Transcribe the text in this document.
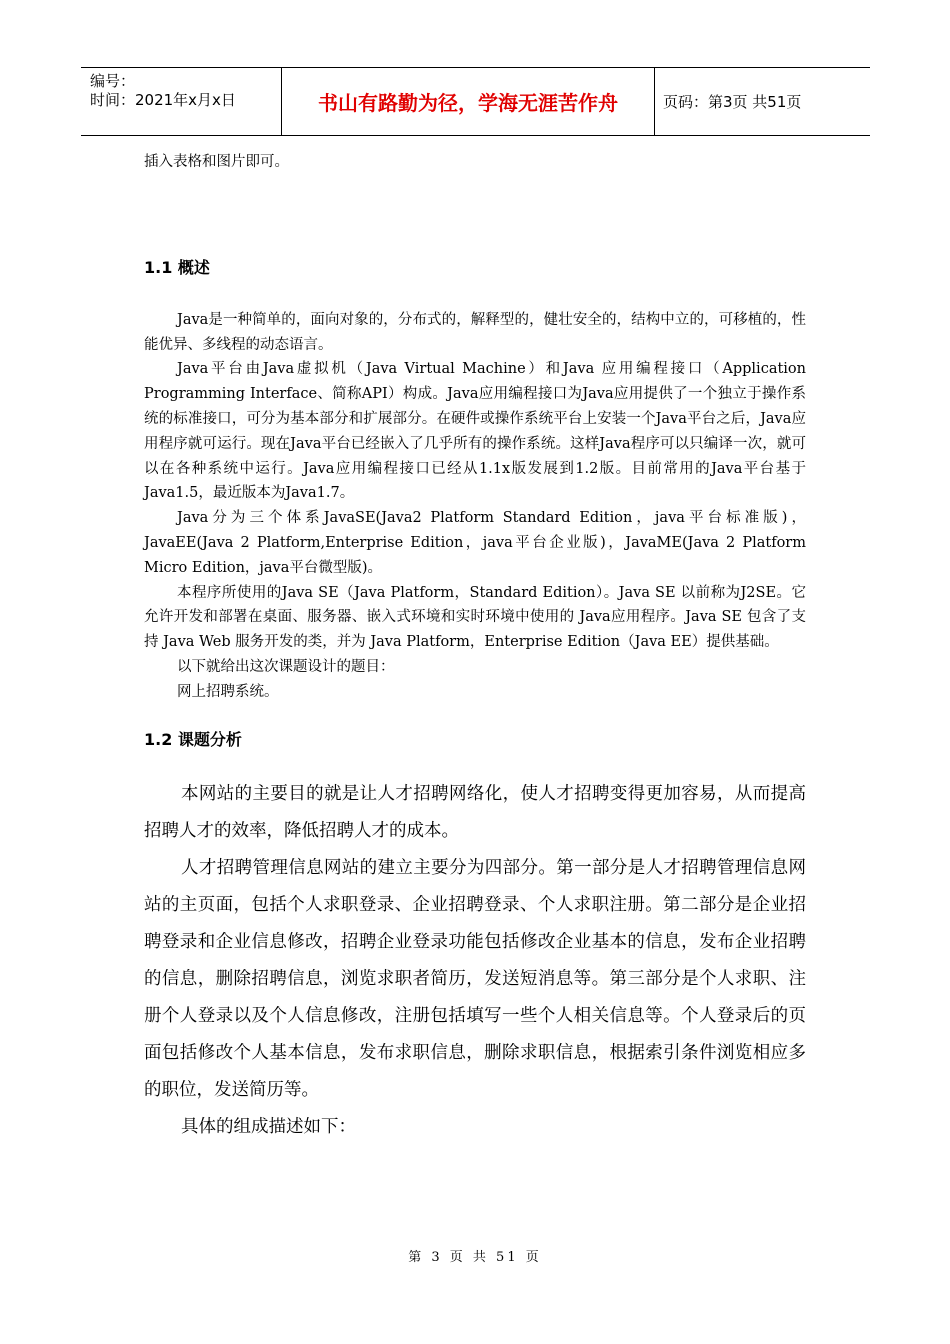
编号：
时间：2021年x月x日	书山有路勤为径，学海无涯苦作舟	页码：第3页 共51页

插入表格和图片即可。

1.1 概述

Java是一种简单的，面向对象的，分布式的，解释型的，健壮安全的，结构中立的，可移植的，性能优异、多线程的动态语言。

Java平台由Java虚拟机（Java Virtual Machine）和Java 应用编程接口（Application Programming Interface、简称API）构成。Java应用编程接口为Java应用提供了一个独立于操作系统的标准接口，可分为基本部分和扩展部分。在硬件或操作系统平台上安装一个Java平台之后，Java应用程序就可运行。现在Java平台已经嵌入了几乎所有的操作系统。这样Java程序可以只编译一次，就可以在各种系统中运行。Java应用编程接口已经从1.1x版发展到1.2版。目前常用的Java平台基于Java1.5，最近版本为Java1.7。

Java分为三个体系JavaSE(Java2 Platform Standard Edition，java平台标准版)，JavaEE(Java 2 Platform,Enterprise Edition，java平台企业版)，JavaME(Java 2 Platform Micro Edition，java平台微型版)。

本程序所使用的Java SE（Java Platform，Standard Edition）。Java SE 以前称为J2SE。它允许开发和部署在桌面、服务器、嵌入式环境和实时环境中使用的 Java应用程序。Java SE 包含了支持 Java Web 服务开发的类，并为 Java Platform，Enterprise Edition（Java EE）提供基础。

以下就给出这次课题设计的题目：

网上招聘系统。

1.2 课题分析

本网站的主要目的就是让人才招聘网络化，使人才招聘变得更加容易，从而提高招聘人才的效率，降低招聘人才的成本。

人才招聘管理信息网站的建立主要分为四部分。第一部分是人才招聘管理信息网站的主页面，包括个人求职登录、企业招聘登录、个人求职注册。第二部分是企业招聘登录和企业信息修改，招聘企业登录功能包括修改企业基本的信息，发布企业招聘的信息，删除招聘信息，浏览求职者简历，发送短消息等。第三部分是个人求职、注册个人登录以及个人信息修改，注册包括填写一些个人相关信息等。个人登录后的页面包括修改个人基本信息，发布求职信息，删除求职信息，根据索引条件浏览相应多的职位，发送简历等。

具体的组成描述如下：

第 3 页 共 51 页
